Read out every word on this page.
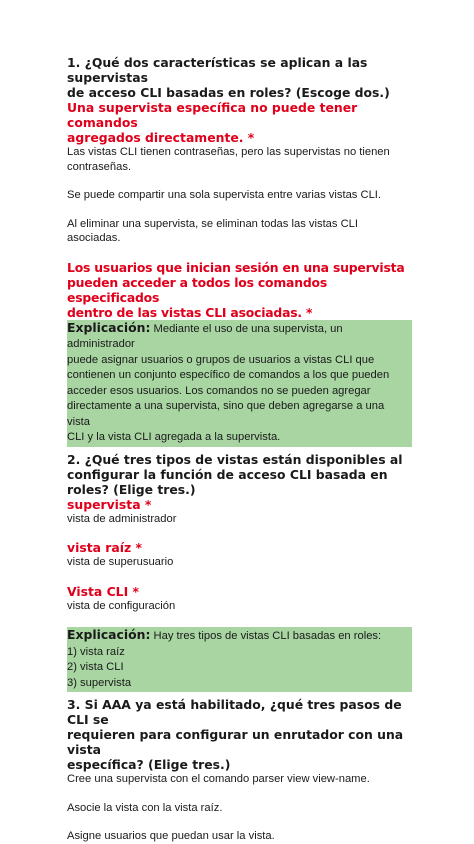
1. ¿Qué dos características se aplican a las supervistas
de acceso CLI basadas en roles? (Escoge dos.)

Una supervista específica no puede tener comandos
agregados directamente. *

Las vistas CLI tienen contraseñas, pero las supervistas no tienen
contraseñas.

Se puede compartir una sola supervista entre varias vistas CLI.

Al eliminar una supervista, se eliminan todas las vistas CLI asociadas.

Los usuarios que inician sesión en una supervista
pueden acceder a todos los comandos especificados
dentro de las vistas CLI asociadas. *

Explicación: Mediante el uso de una supervista, un administrador
puede asignar usuarios o grupos de usuarios a vistas CLI que
contienen un conjunto específico de comandos a los que pueden
acceder esos usuarios. Los comandos no se pueden agregar
directamente a una supervista, sino que deben agregarse a una vista
CLI y la vista CLI agregada a la supervista.

2. ¿Qué tres tipos de vistas están disponibles al
configurar la función de acceso CLI basada en
roles? (Elige tres.)

supervista *

vista de administrador

vista raíz *

vista de superusuario

Vista CLI *

vista de configuración

Explicación: Hay tres tipos de vistas CLI basadas en roles:
1) vista raíz
2) vista CLI
3) supervista

3. Si AAA ya está habilitado, ¿qué tres pasos de CLI se
requieren para configurar un enrutador con una vista
específica? (Elige tres.)

Cree una supervista con el comando parser view view-name.

Asocie la vista con la vista raíz.

Asigne usuarios que puedan usar la vista.
